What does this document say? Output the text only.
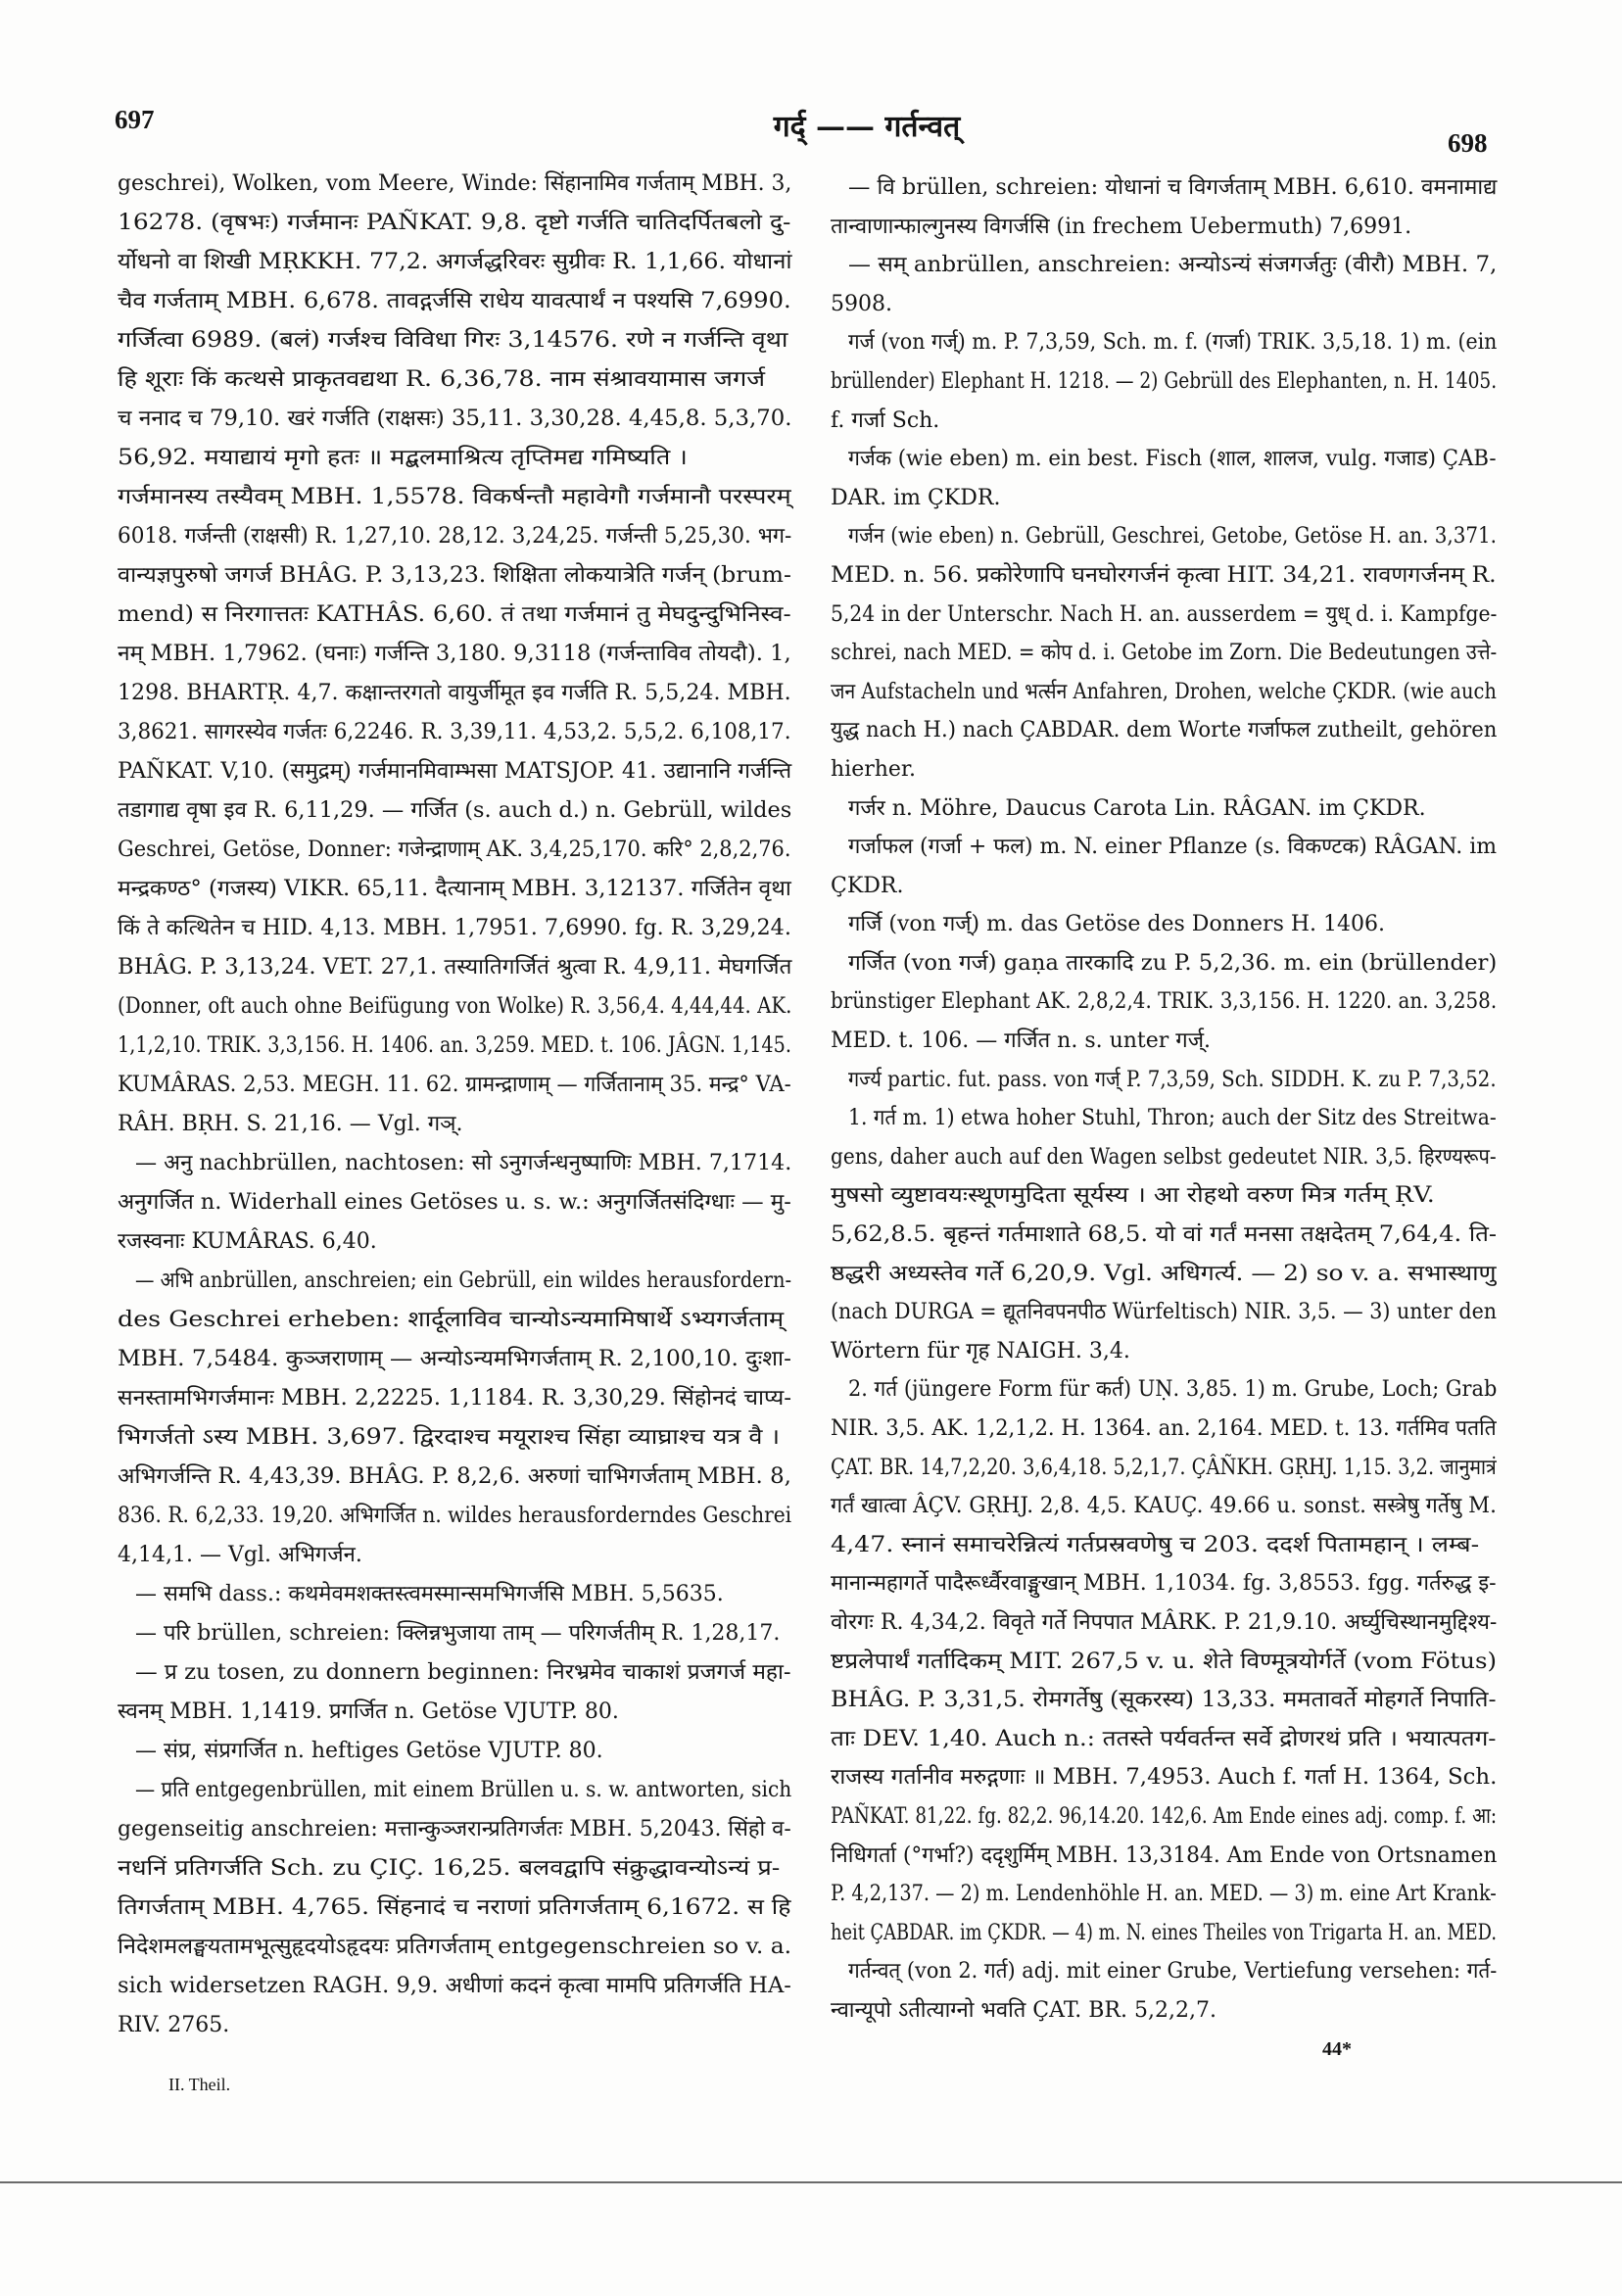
697	गर्द् —— गर्तन्वत्	698
geschrei), Wolken, vom Meere, Winde: सिंहानामिव गर्जताम् MBH. 3,
16278. (वृषभः) गर्जमानः PAÑKAT. 9,8. दृष्टो गर्जति चातिदर्पितबलो दु-
र्योधनो वा शिखी MṚKKH. 77,2. अगर्जद्धरिवरः सुग्रीवः R. 1,1,66. योधानां
चैव गर्जताम् MBH. 6,678. तावद्गर्जसि राधेय यावत्पार्थं न पश्यसि 7,6990.
गर्जित्वा 6989. (बलं) गर्जश्च विविधा गिरः 3,14576. रणे न गर्जन्ति वृथा
हि शूराः किं कत्थसे प्राकृतवद्यथा R. 6,36,78. नाम संश्रावयामास जगर्ज
च ननाद च 79,10. खरं गर्जति (राक्षसः) 35,11. 3,30,28. 4,45,8. 5,3,70.
56,92. मयाद्यायं मृगो हतः ॥ मद्बलमाश्रित्य तृप्तिमद्य गमिष्यति ।
गर्जमानस्य तस्यैवम् MBH. 1,5578. विकर्षन्तौ महावेगौ गर्जमानौ परस्परम्
6018. गर्जन्ती (राक्षसी) R. 1,27,10. 28,12. 3,24,25. गर्जन्ती 5,25,30. भग-
वान्यज्ञपुरुषो जगर्ज BHÂG. P. 3,13,23. शिक्षिता लोकयात्रेति गर्जन् (brum-
mend) स निरगात्ततः KATHÂS. 6,60. तं तथा गर्जमानं तु मेघदुन्दुभिनिस्व-
नम् MBH. 1,7962. (घनाः) गर्जन्ति 3,180. 9,3118 (गर्जन्ताविव तोयदौ). 1,
1298. BHARTṚ. 4,7. कक्षान्तरगतो वायुर्जीमूत इव गर्जति R. 5,5,24. MBH.
3,8621. सागरस्येव गर्जतः 6,2246. R. 3,39,11. 4,53,2. 5,5,2. 6,108,17.
PAÑKAT. V,10. (समुद्रम्) गर्जमानमिवाम्भसा MATSJOP. 41. उद्यानानि गर्जन्ति
तडागाद्य वृषा इव R. 6,11,29. — गर्जित (s. auch d.) n. Gebrüll, wildes
Geschrei, Getöse, Donner: गजेन्द्राणाम् AK. 3,4,25,170. करि° 2,8,2,76.
मन्द्रकण्ठ° (गजस्य) VIKR. 65,11. दैत्यानाम् MBH. 3,12137. गर्जितेन वृथा
किं ते कत्थितेन च HID. 4,13. MBH. 1,7951. 7,6990. fg. R. 3,29,24.
BHÂG. P. 3,13,24. VET. 27,1. तस्यातिगर्जितं श्रुत्वा R. 4,9,11. मेघगर्जित
(Donner, oft auch ohne Beifügung von Wolke) R. 3,56,4. 4,44,44. AK.
1,1,2,10. TRIK. 3,3,156. H. 1406. an. 3,259. MED. t. 106. JÂGN. 1,145.
KUMÂRAS. 2,53. MEGH. 11. 62. ग्रामन्द्राणाम् — गर्जितानाम् 35. मन्द्र° VA-
RÂH. BṚH. S. 21,16. — Vgl. गञ्.
— अनु nachbrüllen, nachtosen: सो ऽनुगर्जन्धनुष्पाणिः MBH. 7,1714.
अनुगर्जित n. Widerhall eines Getöses u. s. w.: अनुगर्जितसंदिग्धाः — मु-
रजस्वनाः KUMÂRAS. 6,40.
— अभि anbrüllen, anschreien; ein Gebrüll, ein wildes herausfordern-
des Geschrei erheben: शार्दूलाविव चान्योऽन्यमामिषार्थे ऽभ्यगर्जताम्
MBH. 7,5484. कुञ्जराणाम् — अन्योऽन्यमभिगर्जताम् R. 2,100,10. दुःशा-
सनस्तामभिगर्जमानः MBH. 2,2225. 1,1184. R. 3,30,29. सिंहोनदं चाप्य-
भिगर्जतो ऽस्य MBH. 3,697. द्विरदाश्च मयूराश्च सिंहा व्याघ्राश्च यत्र वै ।
अभिगर्जन्ति R. 4,43,39. BHÂG. P. 8,2,6. अरुणां चाभिगर्जताम् MBH. 8,
836. R. 6,2,33. 19,20. अभिगर्जित n. wildes herausforderndes Geschrei
4,14,1. — Vgl. अभिगर्जन.
— समभि dass.: कथमेवमशक्तस्त्वमस्मान्समभिगर्जसि MBH. 5,5635.
— परि brüllen, schreien: क्लिन्नभुजाया ताम् — परिगर्जतीम् R. 1,28,17.
— प्र zu tosen, zu donnern beginnen: निरभ्रमेव चाकाशं प्रजगर्ज महा-
स्वनम् MBH. 1,1419. प्रगर्जित n. Getöse VJUTP. 80.
— संप्र, संप्रगर्जित n. heftiges Getöse VJUTP. 80.
— प्रति entgegenbrüllen, mit einem Brüllen u. s. w. antworten, sich
gegenseitig anschreien: मत्तान्कुञ्जरान्प्रतिगर्जतः MBH. 5,2043. सिंहो व-
नधनिं प्रतिगर्जति Sch. zu ÇIÇ. 16,25. बलवद्वापि संक्रुद्धावन्योऽन्यं प्र-
तिगर्जताम् MBH. 4,765. सिंहनादं च नराणां प्रतिगर्जताम् 6,1672. स हि
निदेशमलङ्घयतामभूत्सुहृदयोऽहृदयः प्रतिगर्जताम् entgegenschreien so v. a.
sich widersetzen RAGH. 9,9. अधीणां कदनं कृत्वा मामपि प्रतिगर्जति HA-
RIV. 2765.
— वि brüllen, schreien: योधानां च विगर्जताम् MBH. 6,610. वमनामाद्य
तान्वाणान्फाल्गुनस्य विगर्जसि (in frechem Uebermuth) 7,6991.
— सम् anbrüllen, anschreien: अन्योऽन्यं संजगर्जतुः (वीरौ) MBH. 7,
5908.
गर्ज (von गर्ज्) m. P. 7,3,59, Sch. m. f. (गर्जा) TRIK. 3,5,18. 1) m. (ein
brüllender) Elephant H. 1218. — 2) Gebrüll des Elephanten, n. H. 1405.
f. गर्जा Sch.
गर्जक (wie eben) m. ein best. Fisch (शाल, शालज, vulg. गजाड) ÇAB-
DAR. im ÇKDR.
गर्जन (wie eben) n. Gebrüll, Geschrei, Getobe, Getöse H. an. 3,371.
MED. n. 56. प्रकोरेणापि घनघोरगर्जनं कृत्वा HIT. 34,21. रावणगर्जनम् R.
5,24 in der Unterschr. Nach H. an. ausserdem = युध् d. i. Kampfge-
schrei, nach MED. = कोप d. i. Getobe im Zorn. Die Bedeutungen उत्ते-
जन Aufstacheln und भर्त्सन Anfahren, Drohen, welche ÇKDR. (wie auch
युद्ध nach H.) nach ÇABDAR. dem Worte गर्जाफल zutheilt, gehören
hierher.
गर्जर n. Möhre, Daucus Carota Lin. RÂGAN. im ÇKDR.
गर्जाफल (गर्जा + फल) m. N. einer Pflanze (s. विकण्टक) RÂGAN. im
ÇKDR.
गर्जि (von गर्ज्) m. das Getöse des Donners H. 1406.
गर्जित (von गर्ज) gaṇa तारकादि zu P. 5,2,36. m. ein (brüllender)
brünstiger Elephant AK. 2,8,2,4. TRIK. 3,3,156. H. 1220. an. 3,258.
MED. t. 106. — गर्जित n. s. unter गर्ज्.
गर्ज्य partic. fut. pass. von गर्ज् P. 7,3,59, Sch. SIDDH. K. zu P. 7,3,52.
1. गर्त m. 1) etwa hoher Stuhl, Thron; auch der Sitz des Streitwa-
gens, daher auch auf den Wagen selbst gedeutet NIR. 3,5. हिरण्यरूप-
मुषसो व्युष्टावयःस्थूणमुदिता सूर्यस्य । आ रोहथो वरुण मित्र गर्तम् ṚV.
5,62,8.5. बृहन्तं गर्तमाशाते 68,5. यो वां गर्तं मनसा तक्षदेतम् 7,64,4. ति-
ष्ठद्धरी अध्यस्तेव गर्ते 6,20,9. Vgl. अधिगर्त्य. — 2) so v. a. सभास्थाणु
(nach DURGA = द्यूतनिवपनपीठ Würfeltisch) NIR. 3,5. — 3) unter den
Wörtern für गृह NAIGH. 3,4.
2. गर्त (jüngere Form für कर्त) UṆ. 3,85. 1) m. Grube, Loch; Grab
NIR. 3,5. AK. 1,2,1,2. H. 1364. an. 2,164. MED. t. 13. गर्तमिव पतति
ÇAT. BR. 14,7,2,20. 3,6,4,18. 5,2,1,7. ÇÂÑKH. GṚHJ. 1,15. 3,2. जानुमात्रं
गर्तं खात्वा ÂÇV. GṚHJ. 2,8. 4,5. KAUÇ. 49.66 u. sonst. सस्त्रेषु गर्तेषु M.
4,47. स्नानं समाचरेन्नित्यं गर्तप्रस्रवणेषु च 203. ददर्श पितामहान् । लम्ब-
मानान्महागर्ते पादैरूर्ध्वैरवाङ्मुखान् MBH. 1,1034. fg. 3,8553. fgg. गर्तरुद्ध इ-
वोरगः R. 4,34,2. विवृते गर्ते निपपात MÂRK. P. 21,9.10. अर्घ्युचिस्थानमुद्दिश्य-
ष्टप्रलेपार्थं गर्तादिकम् MIT. 267,5 v. u. शेते विण्मूत्रयोर्गर्ते (vom Fötus)
BHÂG. P. 3,31,5. रोमगर्तेषु (सूकरस्य) 13,33. ममतावर्ते मोहगर्ते निपाति-
ताः DEV. 1,40. Auch n.: ततस्ते पर्यवर्तन्त सर्वे द्रोणरथं प्रति । भयात्पतग-
राजस्य गर्तानीव मरुद्गणाः ॥ MBH. 7,4953. Auch f. गर्ता H. 1364, Sch.
PAÑKAT. 81,22. fg. 82,2. 96,14.20. 142,6. Am Ende eines adj. comp. f. आ:
निधिगर्ता (°गर्भा?) ददृशुर्मिम् MBH. 13,3184. Am Ende von Ortsnamen
P. 4,2,137. — 2) m. Lendenhöhle H. an. MED. — 3) m. eine Art Krank-
heit ÇABDAR. im ÇKDR. — 4) m. N. eines Theiles von Trigarta H. an. MED.
गर्तन्वत् (von 2. गर्त) adj. mit einer Grube, Vertiefung versehen: गर्त-
न्वान्यूपो ऽतीत्याग्नो भवति ÇAT. BR. 5,2,2,7.
II. Theil.
44*
